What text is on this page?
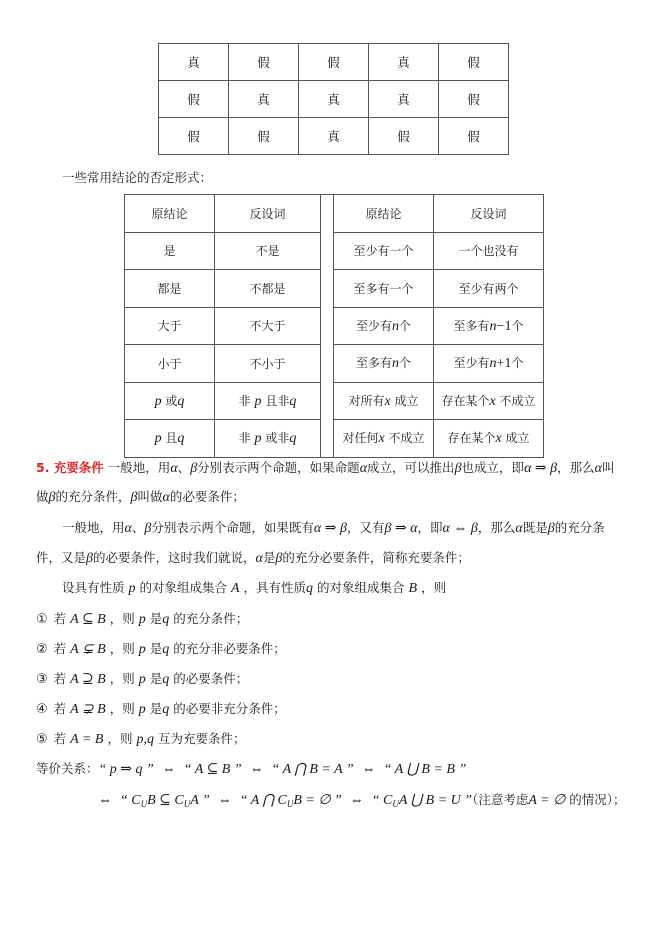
真	假	假	真	假
假	真	真	真	假
假	假	真	假	假
一些常用结论的否定形式：
原结论	反设词		原结论	反设词
是	不是		至少有一个	一个也没有
都是	不都是		至多有一个	至少有两个
大于	不大于		至少有n个	至多有n−1个
小于	不小于		至多有n个	至少有n+1个
p 或q	非 p 且非q		对所有x 成立	存在某个x 不成立
p 且q	非 p 或非q		对任何x 不成立	存在某个x 成立
5. 充要条件 一般地，用α、β分别表示两个命题，如果命题α成立，可以推出β也成立，即α ⇒ β，那么α叫
做β的充分条件，β叫做α的必要条件；
一般地，用α、β分别表示两个命题，如果既有α ⇒ β，又有β ⇒ α，即α ⇔ β，那么α既是β的充分条
件，又是β的必要条件，这时我们就说，α是β的充分必要条件，简称充要条件；
设具有性质 p 的对象组成集合 A ，具有性质q 的对象组成集合 B ，则
① 若 A ⊆ B ，则 p 是q 的充分条件；
② 若 A ⊊ B ，则 p 是q 的充分非必要条件；
③ 若 A ⊇ B ，则 p 是q 的必要条件；
④ 若 A ⊋ B ，则 p 是q 的必要非充分条件；
⑤ 若 A = B ，则 p,q 互为充要条件；
等价关系：“ p ⇒ q ” ⇔ “ A ⊆ B ” ⇔ “ A ⋂ B = A ” ⇔ “ A ⋃ B = B ”
⇔ “ $C_UB$ ⊆ $C_UA$ ” ⇔ “ A ⋂ $C_UB$ = ∅ ” ⇔ “ $C_UA$ ⋃ B = U ”（注意考虑A = ∅ 的情况）；
